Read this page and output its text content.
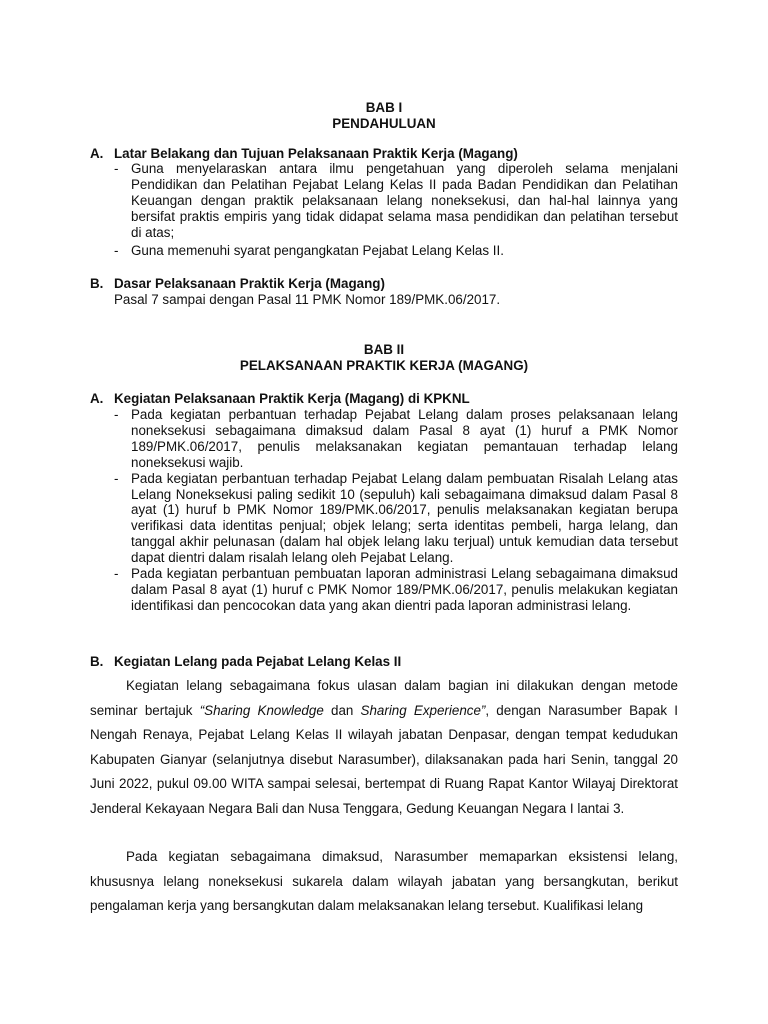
BAB I

PENDAHULUAN

A. Latar Belakang dan Tujuan Pelaksanaan Praktik Kerja (Magang)

- Guna menyelaraskan antara ilmu pengetahuan yang diperoleh selama menjalani Pendidikan dan Pelatihan Pejabat Lelang Kelas II pada Badan Pendidikan dan Pelatihan Keuangan dengan praktik pelaksanaan lelang noneksekusi, dan hal-hal lainnya yang bersifat praktis empiris yang tidak didapat selama masa pendidikan dan pelatihan tersebut di atas;
- Guna memenuhi syarat pengangkatan Pejabat Lelang Kelas II.

B. Dasar Pelaksanaan Praktik Kerja (Magang)

Pasal 7 sampai dengan Pasal 11 PMK Nomor 189/PMK.06/2017.

BAB II

PELAKSANAAN PRAKTIK KERJA (MAGANG)

A. Kegiatan Pelaksanaan Praktik Kerja (Magang) di KPKNL

- Pada kegiatan perbantuan terhadap Pejabat Lelang dalam proses pelaksanaan lelang noneksekusi sebagaimana dimaksud dalam Pasal 8 ayat (1) huruf a PMK Nomor 189/PMK.06/2017, penulis melaksanakan kegiatan pemantauan terhadap lelang noneksekusi wajib.
- Pada kegiatan perbantuan terhadap Pejabat Lelang dalam pembuatan Risalah Lelang atas Lelang Noneksekusi paling sedikit 10 (sepuluh) kali sebagaimana dimaksud dalam Pasal 8 ayat (1) huruf b PMK Nomor 189/PMK.06/2017, penulis melaksanakan kegiatan berupa verifikasi data identitas penjual; objek lelang; serta identitas pembeli, harga lelang, dan tanggal akhir pelunasan (dalam hal objek lelang laku terjual) untuk kemudian data tersebut dapat dientri dalam risalah lelang oleh Pejabat Lelang.
- Pada kegiatan perbantuan pembuatan laporan administrasi Lelang sebagaimana dimaksud dalam Pasal 8 ayat (1) huruf c PMK Nomor 189/PMK.06/2017, penulis melakukan kegiatan identifikasi dan pencocokan data yang akan dientri pada laporan administrasi lelang.

B. Kegiatan Lelang pada Pejabat Lelang Kelas II

Kegiatan lelang sebagaimana fokus ulasan dalam bagian ini dilakukan dengan metode seminar bertajuk “Sharing Knowledge dan Sharing Experience”, dengan Narasumber Bapak I Nengah Renaya, Pejabat Lelang Kelas II wilayah jabatan Denpasar, dengan tempat kedudukan Kabupaten Gianyar (selanjutnya disebut Narasumber), dilaksanakan pada hari Senin, tanggal 20 Juni 2022, pukul 09.00 WITA sampai selesai, bertempat di Ruang Rapat Kantor Wilayaj Direktorat Jenderal Kekayaan Negara Bali dan Nusa Tenggara, Gedung Keuangan Negara I lantai 3.

Pada kegiatan sebagaimana dimaksud, Narasumber memaparkan eksistensi lelang, khususnya lelang noneksekusi sukarela dalam wilayah jabatan yang bersangkutan, berikut pengalaman kerja yang bersangkutan dalam melaksanakan lelang tersebut. Kualifikasi lelang
